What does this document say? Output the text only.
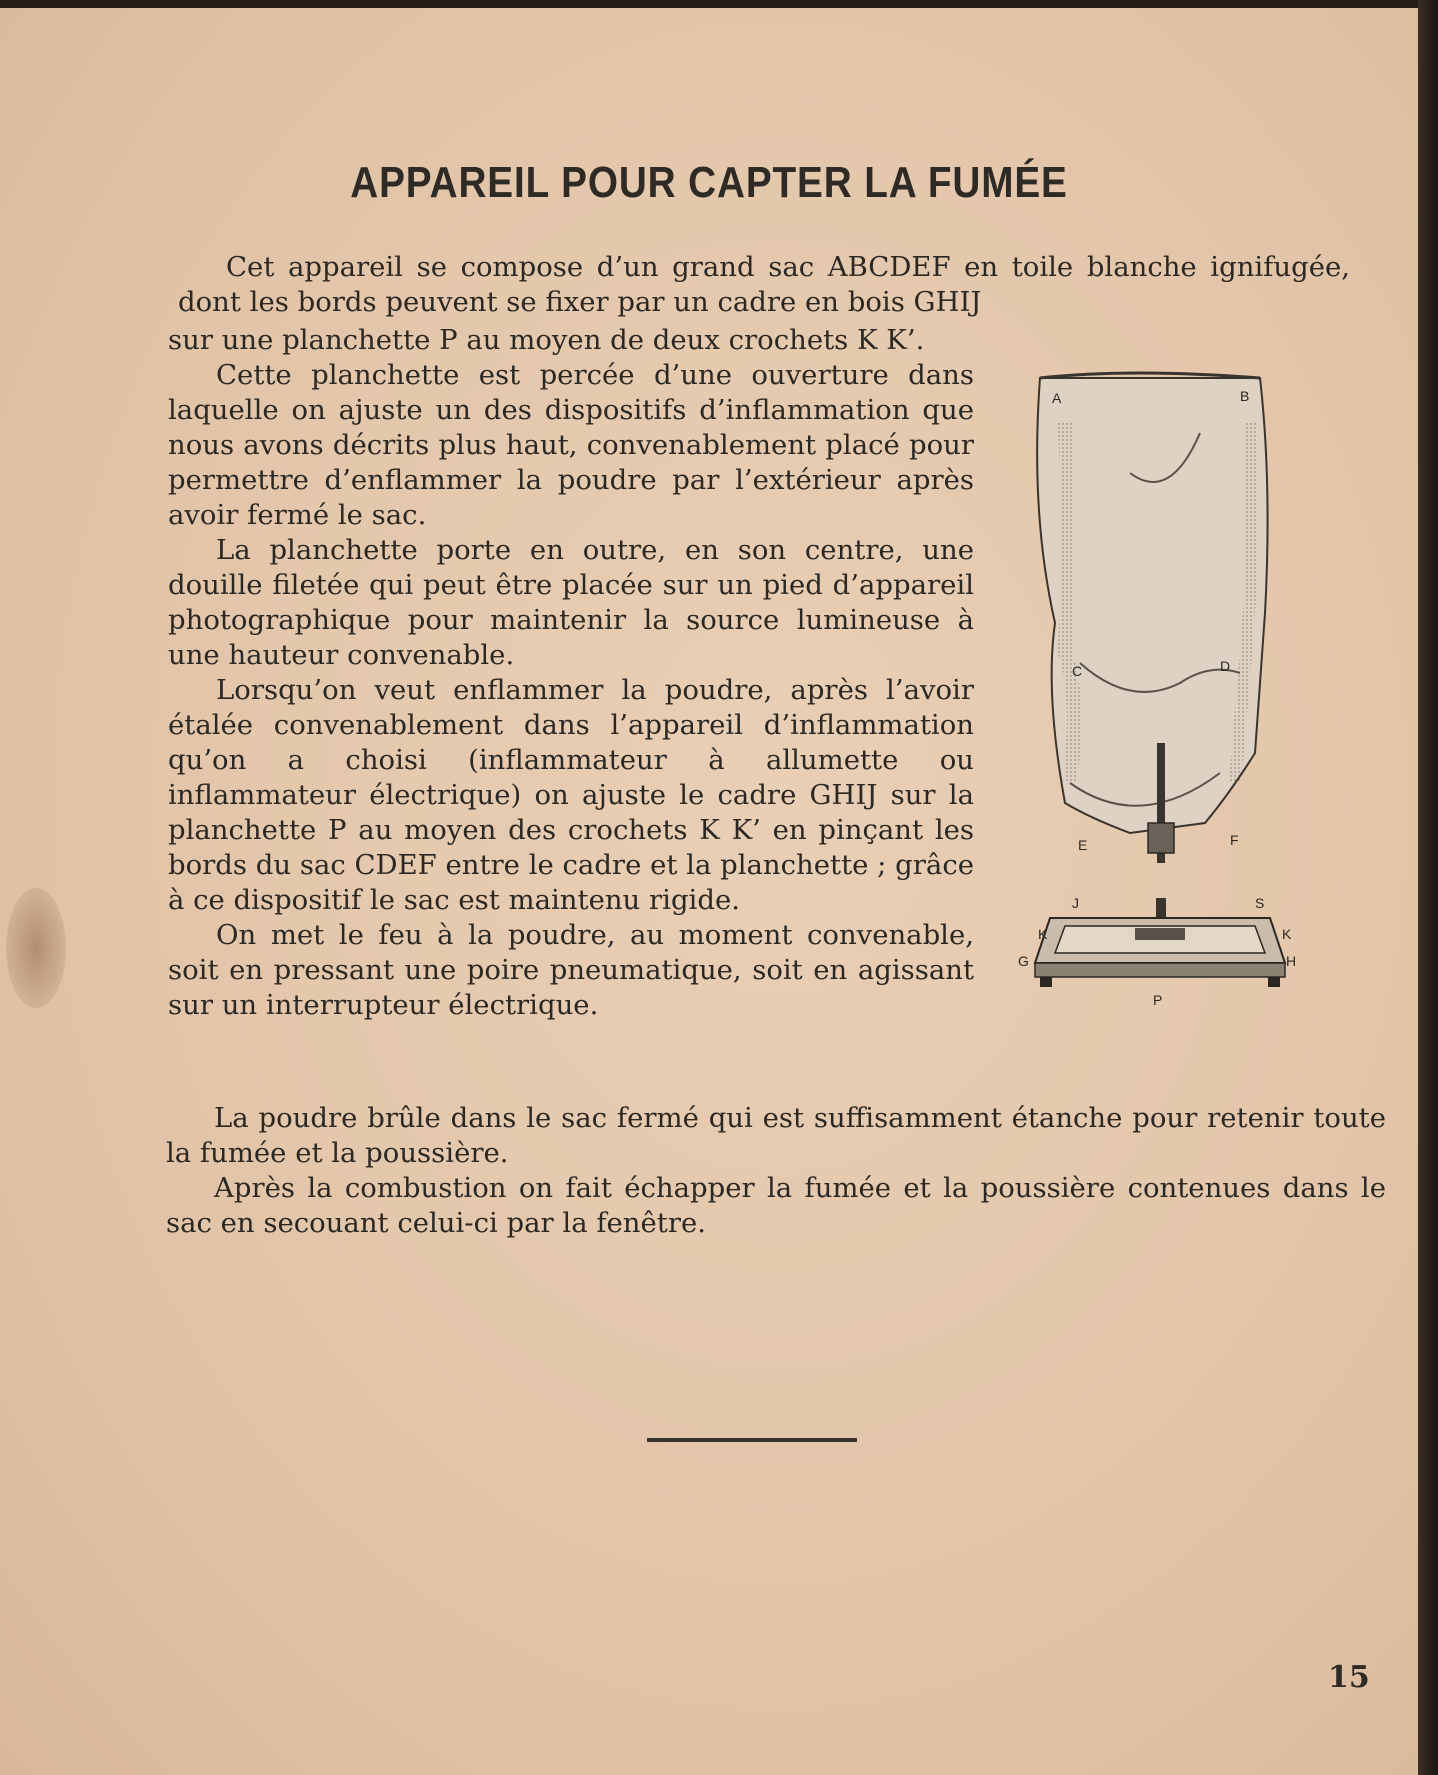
APPAREIL POUR CAPTER LA FUMÉE

Cet appareil se compose d’un grand sac ABCDEF en toile blanche ignifugée, dont les bords peuvent se fixer par un cadre en bois GHIJ

sur une planchette P au moyen de deux crochets K K’.

Cette planchette est percée d’une ouverture dans laquelle on ajuste un des dispositifs d’inflammation que nous avons décrits plus haut, convenablement placé pour permettre d’enflammer la poudre par l’extérieur après avoir fermé le sac.

La planchette porte en outre, en son centre, une douille filetée qui peut être placée sur un pied d’appareil photographique pour maintenir la source lumineuse à une hauteur convenable.

Lorsqu’on veut enflammer la poudre, après l’avoir étalée convenablement dans l’appareil d’inflammation qu’on a choisi (inflammateur à allumette ou inflammateur électrique) on ajuste le cadre GHIJ sur la planchette P au moyen des crochets K K’ en pinçant les bords du sac CDEF entre le cadre et la planchette ; grâce à ce dispositif le sac est maintenu rigide.

On met le feu à la poudre, au moment convenable, soit en pressant une poire pneumatique, soit en agissant sur un interrupteur électrique.

La poudre brûle dans le sac fermé qui est suffisamment étanche pour retenir toute la fumée et la poussière.

Après la combustion on fait échapper la fumée et la poussière contenues dans le sac en secouant celui-ci par la fenêtre.

A	B
C	D
E	F
J	S
K	K
G	H
P
15
